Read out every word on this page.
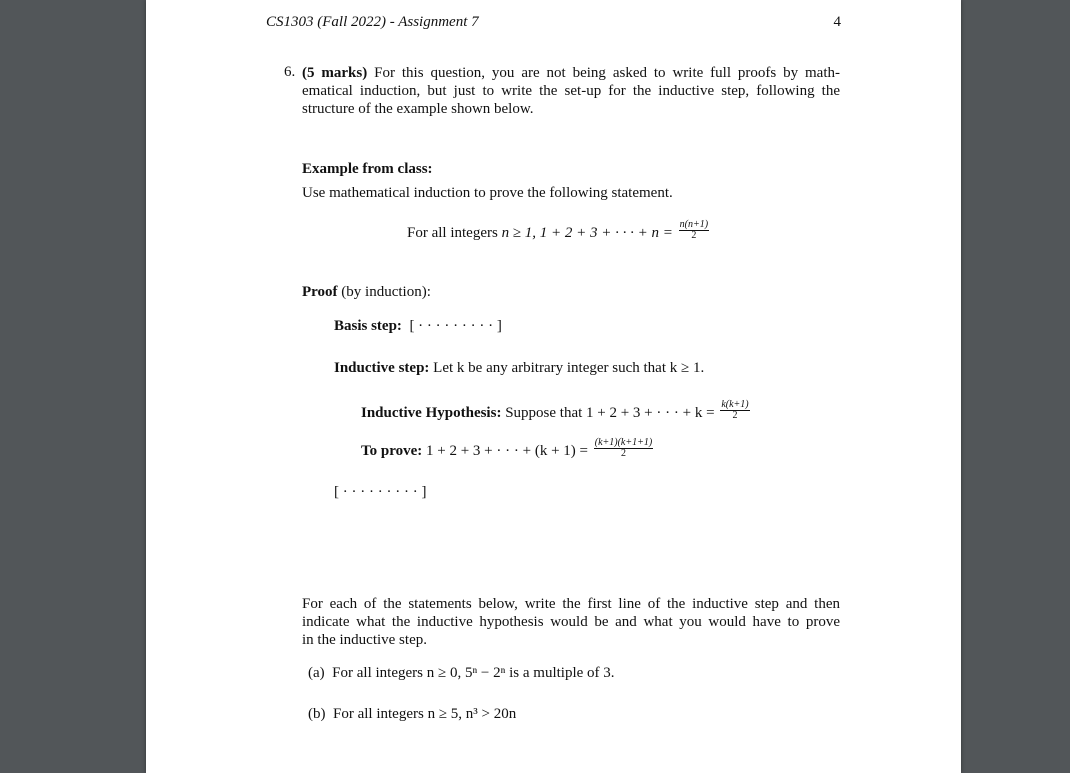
CS1303 (Fall 2022) - Assignment 7	4
6. (5 marks) For this question, you are not being asked to write full proofs by math-
ematical induction, but just to write the set-up for the inductive step, following the
structure of the example shown below.
Example from class:
Use mathematical induction to prove the following statement.
For all integers n ≥ 1, 1 + 2 + 3 + · · · + $n = \frac{n(n+1)}{2}$
Proof (by induction):
Basis step: [ · · · · · · · · · ]
Inductive step: Let k be any arbitrary integer such that k ≥ 1.
Inductive Hypothesis: Suppose that 1 + 2 + 3 + · · · + $k = \frac{k(k+1)}{2}$
To prove: 1 + 2 + 3 + · · · + $(k + 1) = \frac{(k+1)(k+1+1)}{2}$
[ · · · · · · · · · ]
For each of the statements below, write the first line of the inductive step and then
indicate what the inductive hypothesis would be and what you would have to prove
in the inductive step.
(a) For all integers n ≥ 0, 5ⁿ − 2ⁿ is a multiple of 3.
(b) For all integers n ≥ 5, n³ > 20n
